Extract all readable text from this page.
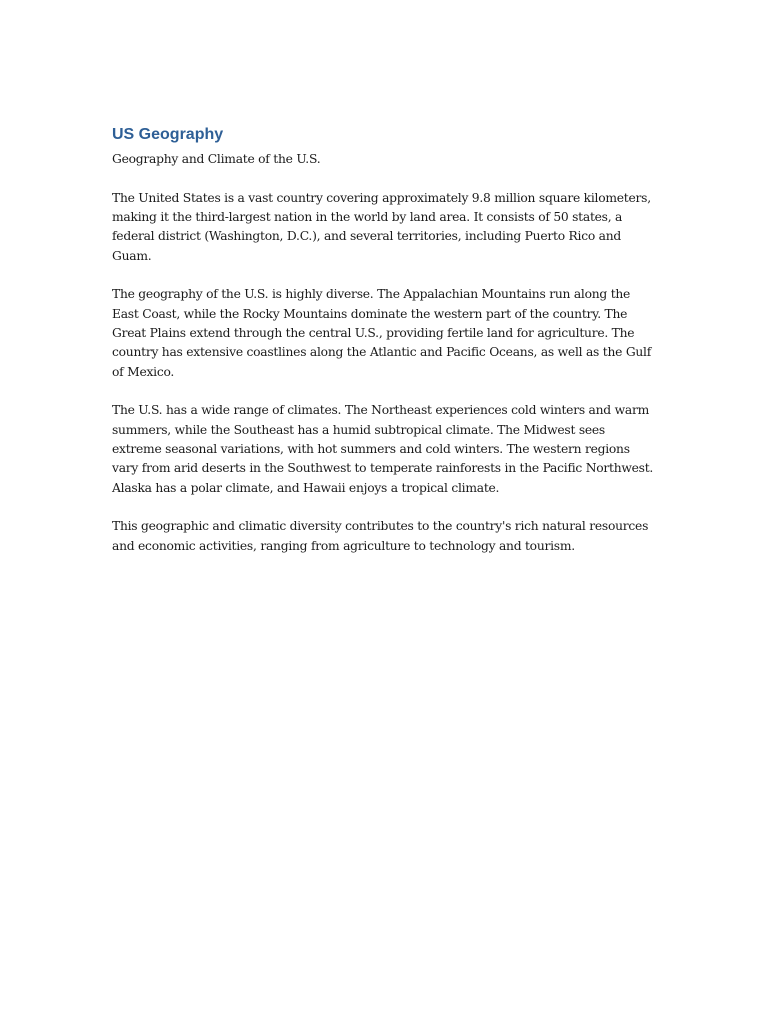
US Geography

Geography and Climate of the U.S.

The United States is a vast country covering approximately 9.8 million square kilometers, making it the third-largest nation in the world by land area. It consists of 50 states, a federal district (Washington, D.C.), and several territories, including Puerto Rico and Guam.

The geography of the U.S. is highly diverse. The Appalachian Mountains run along the East Coast, while the Rocky Mountains dominate the western part of the country. The Great Plains extend through the central U.S., providing fertile land for agriculture. The country has extensive coastlines along the Atlantic and Pacific Oceans, as well as the Gulf of Mexico.

The U.S. has a wide range of climates. The Northeast experiences cold winters and warm summers, while the Southeast has a humid subtropical climate. The Midwest sees extreme seasonal variations, with hot summers and cold winters. The western regions vary from arid deserts in the Southwest to temperate rainforests in the Pacific Northwest. Alaska has a polar climate, and Hawaii enjoys a tropical climate.

This geographic and climatic diversity contributes to the country's rich natural resources and economic activities, ranging from agriculture to technology and tourism.
